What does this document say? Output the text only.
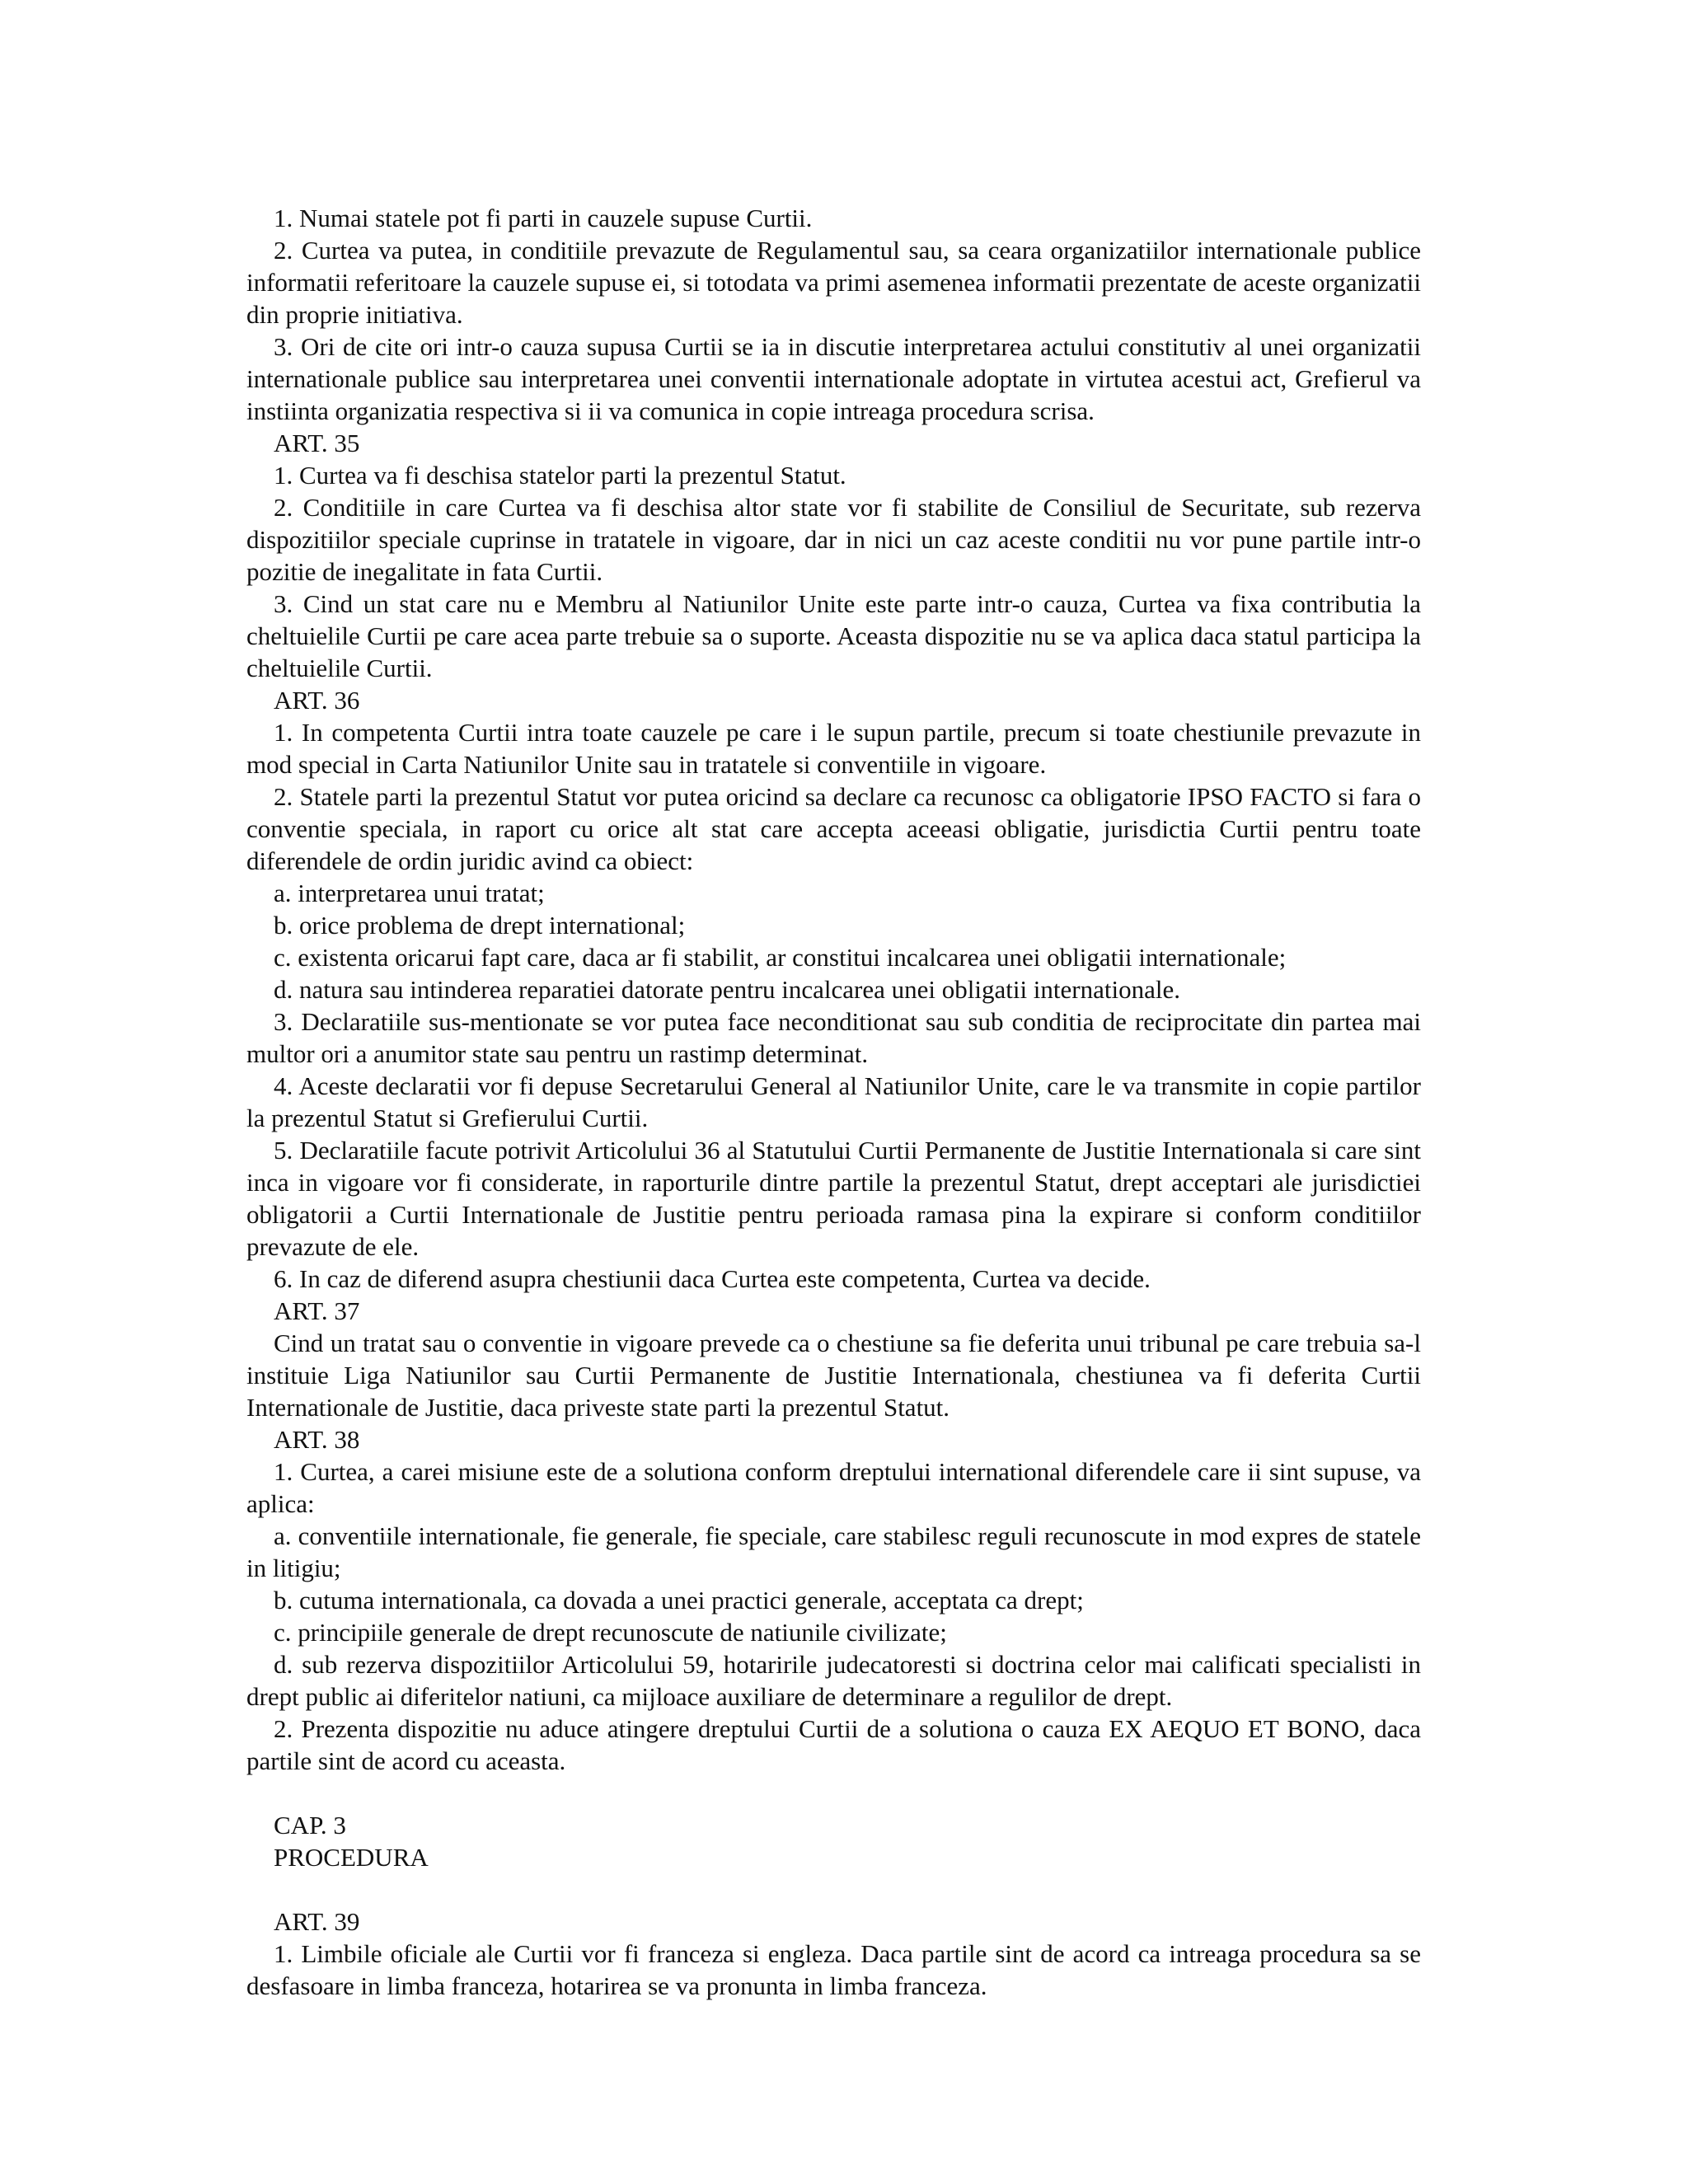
1. Numai statele pot fi parti in cauzele supuse Curtii.

2. Curtea va putea, in conditiile prevazute de Regulamentul sau, sa ceara organizatiilor internationale publice informatii referitoare la cauzele supuse ei, si totodata va primi asemenea informatii prezentate de aceste organizatii din proprie initiativa.

3. Ori de cite ori intr-o cauza supusa Curtii se ia in discutie interpretarea actului constitutiv al unei organizatii internationale publice sau interpretarea unei conventii internationale adoptate in virtutea acestui act, Grefierul va instiinta organizatia respectiva si ii va comunica in copie intreaga procedura scrisa.

ART. 35

1. Curtea va fi deschisa statelor parti la prezentul Statut.

2. Conditiile in care Curtea va fi deschisa altor state vor fi stabilite de Consiliul de Securitate, sub rezerva dispozitiilor speciale cuprinse in tratatele in vigoare, dar in nici un caz aceste conditii nu vor pune partile intr-o pozitie de inegalitate in fata Curtii.

3. Cind un stat care nu e Membru al Natiunilor Unite este parte intr-o cauza, Curtea va fixa contributia la cheltuielile Curtii pe care acea parte trebuie sa o suporte. Aceasta dispozitie nu se va aplica daca statul participa la cheltuielile Curtii.

ART. 36

1. In competenta Curtii intra toate cauzele pe care i le supun partile, precum si toate chestiunile prevazute in mod special in Carta Natiunilor Unite sau in tratatele si conventiile in vigoare.

2. Statele parti la prezentul Statut vor putea oricind sa declare ca recunosc ca obligatorie IPSO FACTO si fara o conventie speciala, in raport cu orice alt stat care accepta aceeasi obligatie, jurisdictia Curtii pentru toate diferendele de ordin juridic avind ca obiect:

a. interpretarea unui tratat;

b. orice problema de drept international;

c. existenta oricarui fapt care, daca ar fi stabilit, ar constitui incalcarea unei obligatii internationale;

d. natura sau intinderea reparatiei datorate pentru incalcarea unei obligatii internationale.

3. Declaratiile sus-mentionate se vor putea face neconditionat sau sub conditia de reciprocitate din partea mai multor ori a anumitor state sau pentru un rastimp determinat.

4. Aceste declaratii vor fi depuse Secretarului General al Natiunilor Unite, care le va transmite in copie partilor la prezentul Statut si Grefierului Curtii.

5. Declaratiile facute potrivit Articolului 36 al Statutului Curtii Permanente de Justitie Internationala si care sint inca in vigoare vor fi considerate, in raporturile dintre partile la prezentul Statut, drept acceptari ale jurisdictiei obligatorii a Curtii Internationale de Justitie pentru perioada ramasa pina la expirare si conform conditiilor prevazute de ele.

6. In caz de diferend asupra chestiunii daca Curtea este competenta, Curtea va decide.

ART. 37

Cind un tratat sau o conventie in vigoare prevede ca o chestiune sa fie deferita unui tribunal pe care trebuia sa-l instituie Liga Natiunilor sau Curtii Permanente de Justitie Internationala, chestiunea va fi deferita Curtii Internationale de Justitie, daca priveste state parti la prezentul Statut.

ART. 38

1. Curtea, a carei misiune este de a solutiona conform dreptului international diferendele care ii sint supuse, va aplica:

a. conventiile internationale, fie generale, fie speciale, care stabilesc reguli recunoscute in mod expres de statele in litigiu;

b. cutuma internationala, ca dovada a unei practici generale, acceptata ca drept;

c. principiile generale de drept recunoscute de natiunile civilizate;

d. sub rezerva dispozitiilor Articolului 59, hotaririle judecatoresti si doctrina celor mai calificati specialisti in drept public ai diferitelor natiuni, ca mijloace auxiliare de determinare a regulilor de drept.

2. Prezenta dispozitie nu aduce atingere dreptului Curtii de a solutiona o cauza EX AEQUO ET BONO, daca partile sint de acord cu aceasta.

CAP. 3

PROCEDURA

ART. 39

1. Limbile oficiale ale Curtii vor fi franceza si engleza. Daca partile sint de acord ca intreaga procedura sa se desfasoare in limba franceza, hotarirea se va pronunta in limba franceza.
